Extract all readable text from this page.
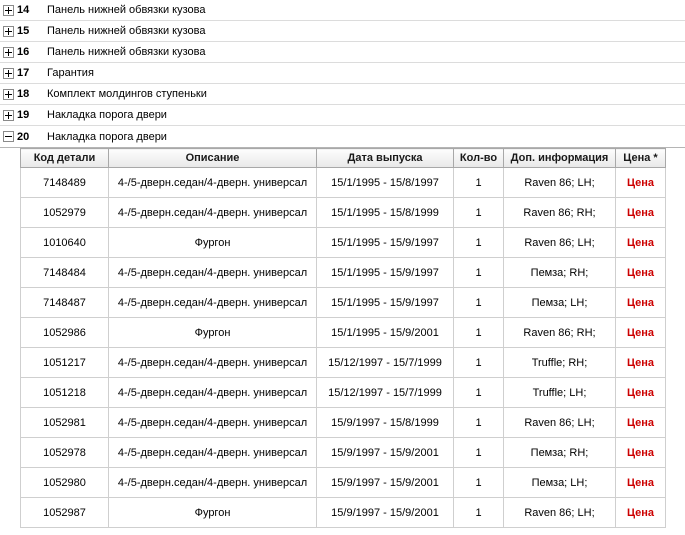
14	Панель нижней обвязки кузова
15	Панель нижней обвязки кузова
16	Панель нижней обвязки кузова
17	Гарантия
18	Комплект молдингов ступеньки
19	Накладка порога двери
20	Накладка порога двери
Код детали	Описание	Дата выпуска	Кол-во	Доп. информация	Цена *
7148489	4-/5-дверн.седан/4-дверн. универсал	15/1/1995 - 15/8/1997	1	Raven 86; LH;	Цена
1052979	4-/5-дверн.седан/4-дверн. универсал	15/1/1995 - 15/8/1999	1	Raven 86; RH;	Цена
1010640	Фургон	15/1/1995 - 15/9/1997	1	Raven 86; LH;	Цена
7148484	4-/5-дверн.седан/4-дверн. универсал	15/1/1995 - 15/9/1997	1	Пемза; RH;	Цена
7148487	4-/5-дверн.седан/4-дверн. универсал	15/1/1995 - 15/9/1997	1	Пемза; LH;	Цена
1052986	Фургон	15/1/1995 - 15/9/2001	1	Raven 86; RH;	Цена
1051217	4-/5-дверн.седан/4-дверн. универсал	15/12/1997 - 15/7/1999	1	Truffle; RH;	Цена
1051218	4-/5-дверн.седан/4-дверн. универсал	15/12/1997 - 15/7/1999	1	Truffle; LH;	Цена
1052981	4-/5-дверн.седан/4-дверн. универсал	15/9/1997 - 15/8/1999	1	Raven 86; LH;	Цена
1052978	4-/5-дверн.седан/4-дверн. универсал	15/9/1997 - 15/9/2001	1	Пемза; RH;	Цена
1052980	4-/5-дверн.седан/4-дверн. универсал	15/9/1997 - 15/9/2001	1	Пемза; LH;	Цена
1052987	Фургон	15/9/1997 - 15/9/2001	1	Raven 86; LH;	Цена
